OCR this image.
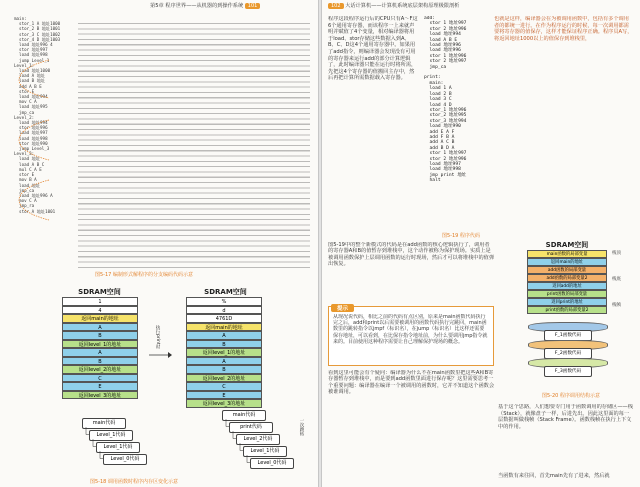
第5章 程序世界——从机器的到操作系统 101
main:
stor_1 A 地址1000
stor_2 B 地址1001
stor_3 C 地址1002
stor_4 D 地址1003
load 地址996 4
stor 地址997
load 地址998
jump Level_1
Level_1:
load 地址1000
load A 地址
load B 地址
add A B E
stor E
load 地址994
mov C A
load 地址995
jmp_ca
Level_2:
load 地址994
stor 地址996
load 地址997
load 地址998
stor 地址990
jump Level_3
Level_3:
load 地址
load A B C
mul C A E
stor E
mov B A
load 地址
jmp_ca
load 地址996 A
mov C A
jmp_ra
stor A 地址1001
图5-17 编制形式解程序的分支编码代码示意
SDRAM空间	SDRAM空间
1
4
返回main的地址
A
B
返回level_1的地址
A
B
返回level_2的地址
C
E
返回level_3的地址
%
d
4761D
返回main的地址
A
B
返回level_1的地址
A
B
返回level_2的地址
C
E
返回level_3的地址
执行print时
main代码
Level_1代码
Level_1代码
Level_0代码
main代码
print代码
Level_2代码
Level_1代码
Level_0代码
一次跳转
图5-18 调用函数时程序内存区变化示意
102 大话计算机——计算机系统底层架构原理极限剖析
程序这段程序运行后的CPU只有A～F这6个通用寄存器，而该程序一上来就声明并赋值了4个变量，相对编译器将用于load、stor存储这些数据入到A、B、C、D这4个通用寄存器中。如果用了add指令，则编译器会发现没有可用的寄存器来运行add的部分计算逻辑了，此时编译器只能在运行时将所需，先把这4个寄存器的值搬回主存中，然后再把计算所需数据载入寄存器。
add:
stor 1 地址997
stor 2 地址996
load 地址994
load A B E
load 地址996
load 地址996
stor 1 地址996
stor 2 地址997
jmp_ca

print:
main:
load 1 A
load 2 B
load 3 C
load 4 D
stor_1 地址996
stor_2 地址995
stor_3 地址994
load 地址990
add E A F
add F B A
add A C B
add B D A
stor 1 地址997
stor 2 地址996
load 地址997
load 地址998
jmp print 地址
halt
也就是这样，编译器会在为被调用函数中，包括有多个调用者的都统一进行。在作为程序运行的时候，每一次调用都需要将寄存器的值保存，这样才能保证程序正确。程序员A写，将返回地址1000以上的值保存到堆栈里，
图5-19 程序代码
图5-19中的整个新模式的代码是在add函数的核心逻辑执行了，调用者的寄存器A和B的值暂存到堆栈中，这个动作被称为保护现场。实质上是被调用函数保护上层调用函数的运行时现场，然后才可以将堆栈中的值弹出恢复。
提示
从现况说代码，相比之前的代码有点区别，原来是main函数代码执行完之后，add和print以后需要被调用的函数代码执行完跳回，main函数里的跳转指令以jmpf（标识名），在jump（标识名）比这样还需要保存地址，可以看到，在比保存指令地址前，为什么要调用jmp指令就来的。目前使用这种程序需要让自己理解保护现场的概念。
看到这里可能会有个疑问：编译器为什么不在main函数里把这些A和B寄存器暂存到堆栈中，而是要到add函数里面进行保存呢？这里需要思考一个重要问题：编译器在编译一个被调用的函数时，它并不知道这个函数会被谁调用。
SDRAM空间
main函数的局部变量
返回main的地址
add函数的局部变量
add函数的局部变量2
返回add的地址
print函数的局部变量
返回print的地址
print函数的局部变量2
栈顶
栈底
栈帧
F_1函数代码
F_2函数代码
F_3函数代码
图5-20 程序调用结构示意
基于这个思路，人们想要专门用于函数调用的存储区——栈（Stack），就像盘子一样，后进先出。因此这里面的每一层数据叫做栈帧（Stack Frame）。函数栈帧在执行上下文中的作用。
当函数有来往回，首先main先有了进来，然后就
